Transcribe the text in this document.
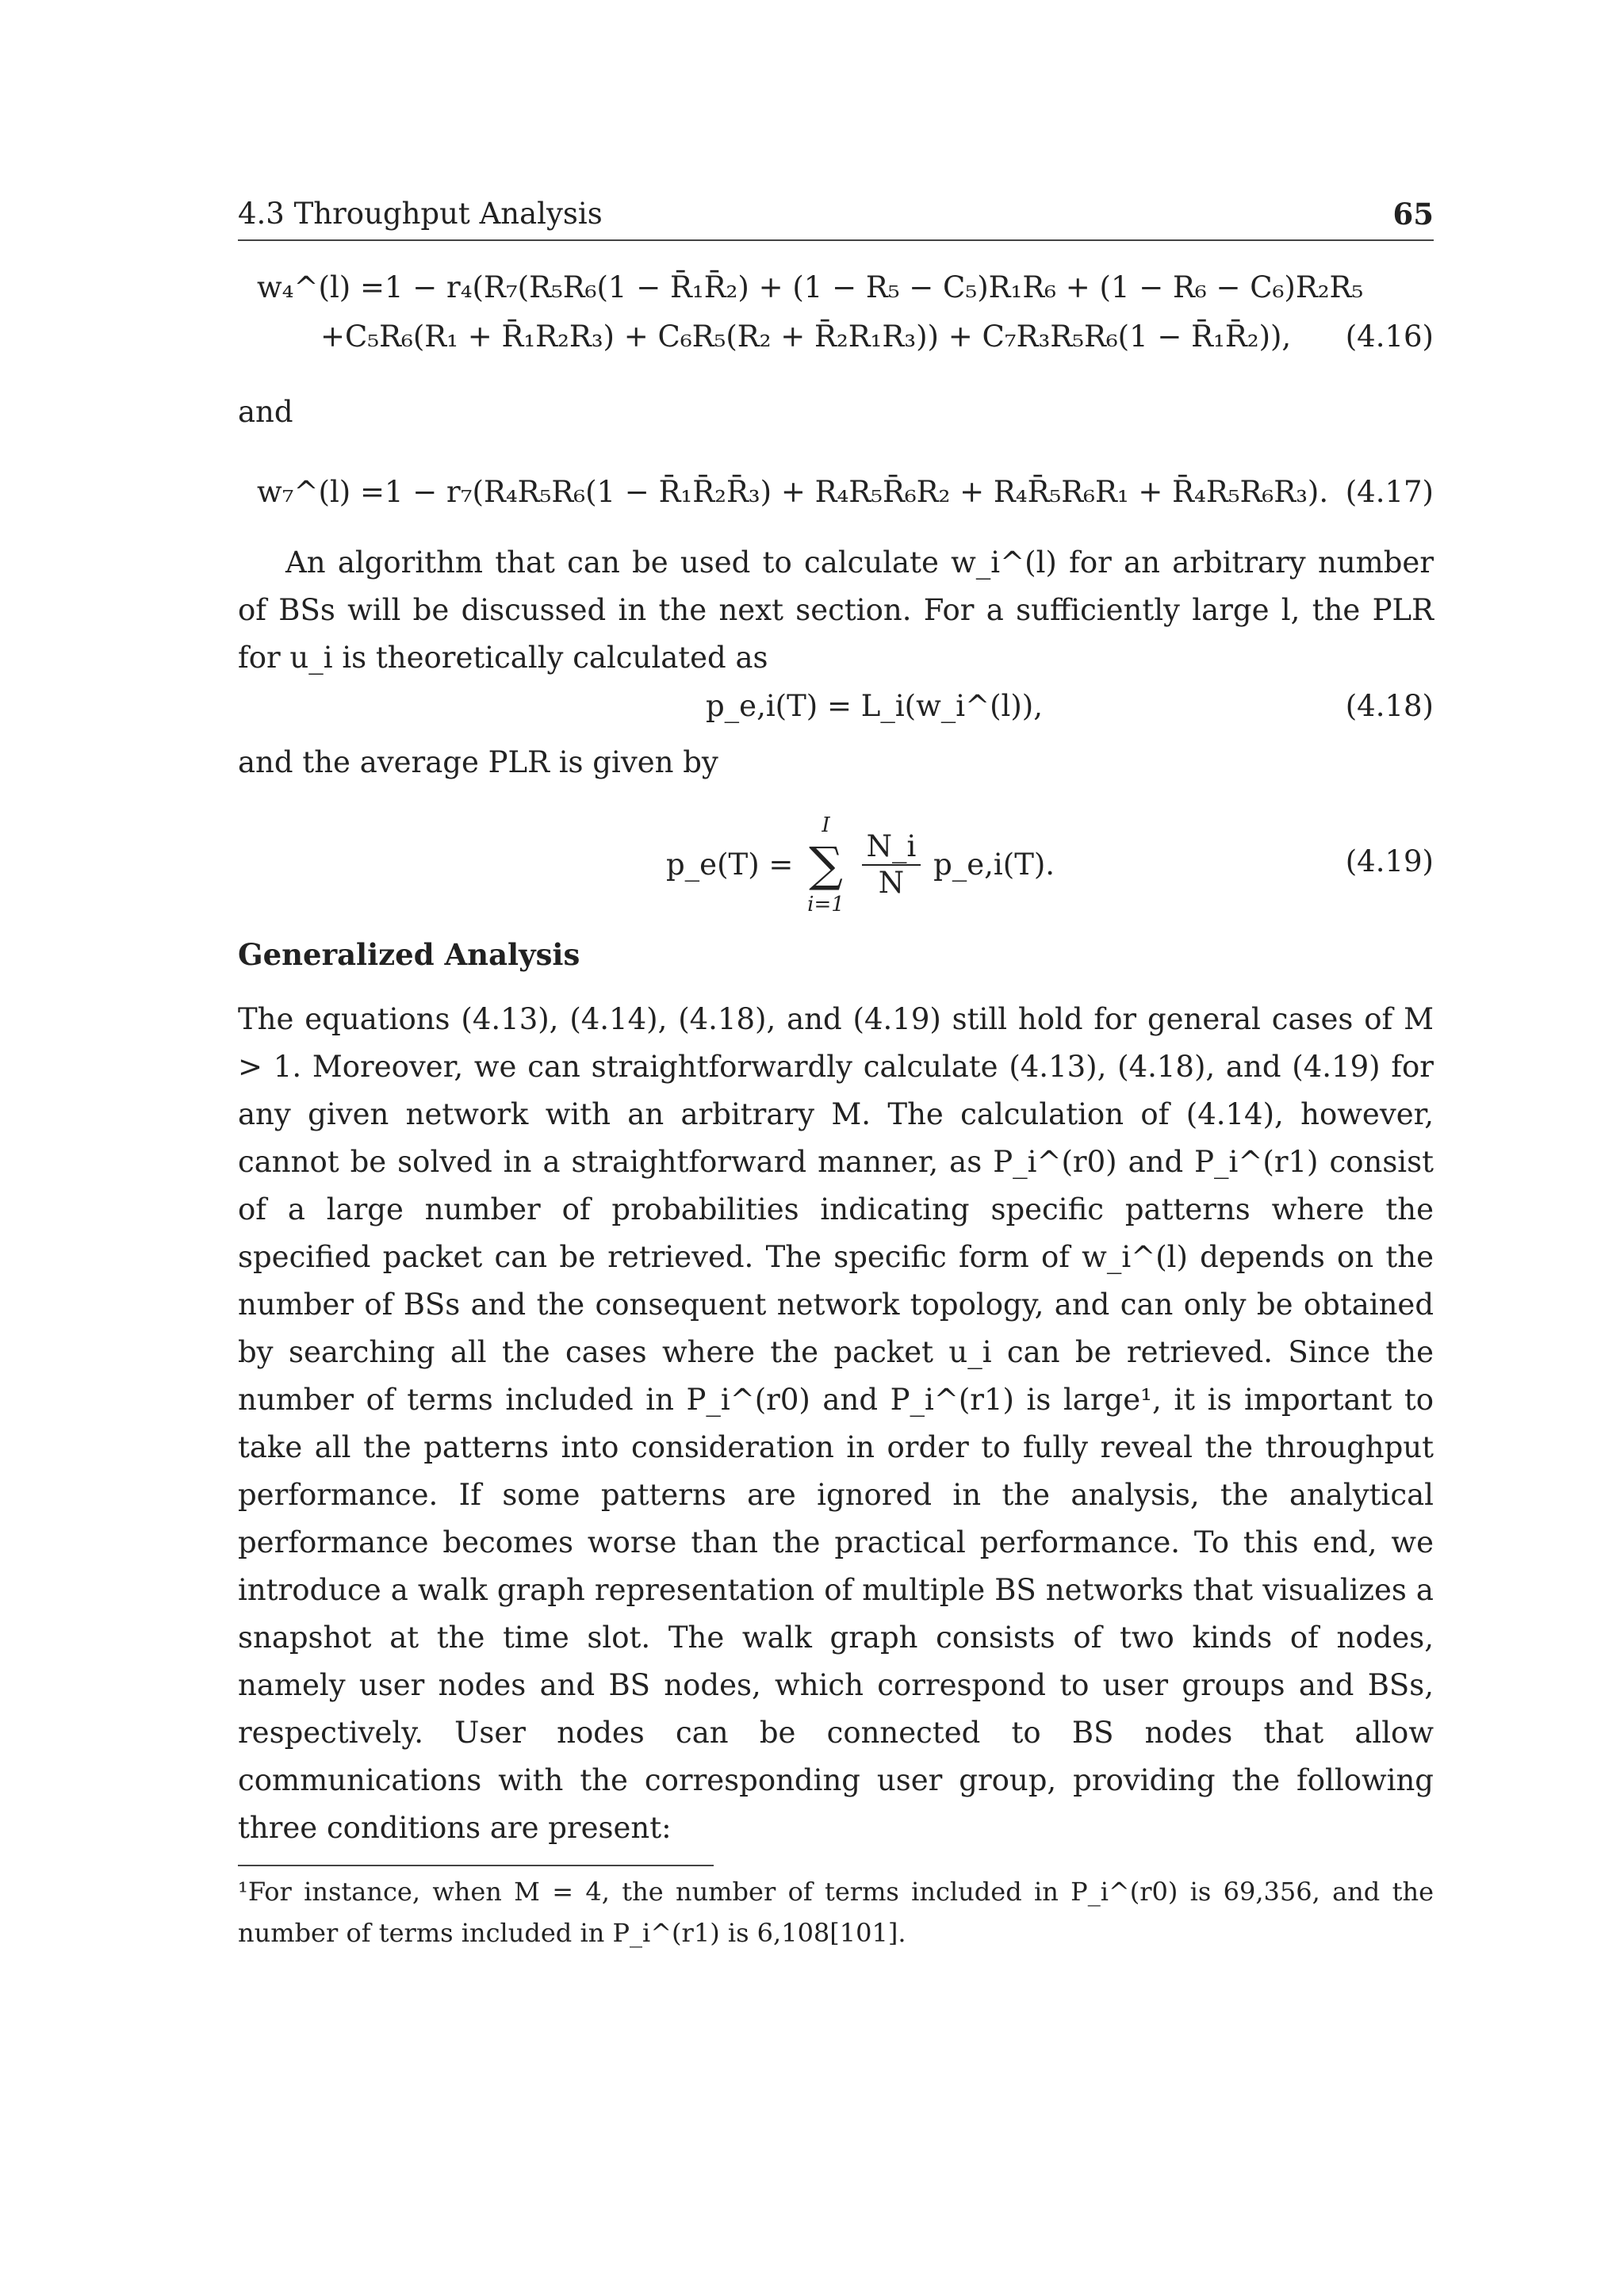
4.3 Throughput Analysis	65
w₄^(l) =1 − r₄(R₇(R₅R₆(1 − R̄₁R̄₂) + (1 − R₅ − C₅)R₁R₆ + (1 − R₆ − C₆)R₂R₅
+C₅R₆(R₁ + R̄₁R₂R₃) + C₆R₅(R₂ + R̄₂R₁R₃)) + C₇R₃R₅R₆(1 − R̄₁R̄₂)), (4.16)
and
w₇^(l) =1 − r₇(R₄R₅R₆(1 − R̄₁R̄₂R̄₃) + R₄R₅R̄₆R₂ + R₄R̄₅R₆R₁ + R̄₄R₅R₆R₃). (4.17)
An algorithm that can be used to calculate w_i^(l) for an arbitrary number of BSs will be discussed in the next section. For a sufficiently large l, the PLR for u_i is theoretically calculated as
p_e,i(T) = L_i(w_i^(l)),	(4.18)
and the average PLR is given by
p_e(T) =
I
∑
i=1

$\frac{N\_i}{N}$ p_e,i(T).	(4.19)
Generalized Analysis
The equations (4.13), (4.14), (4.18), and (4.19) still hold for general cases of M > 1. Moreover, we can straightforwardly calculate (4.13), (4.18), and (4.19) for any given network with an arbitrary M. The calculation of (4.14), however, cannot be solved in a straightforward manner, as P_i^(r0) and P_i^(r1) consist of a large number of probabilities indicating specific patterns where the specified packet can be retrieved. The specific form of w_i^(l) depends on the number of BSs and the consequent network topology, and can only be obtained by searching all the cases where the packet u_i can be retrieved. Since the number of terms included in P_i^(r0) and P_i^(r1) is large¹, it is important to take all the patterns into consideration in order to fully reveal the throughput performance. If some patterns are ignored in the analysis, the analytical performance becomes worse than the practical performance. To this end, we introduce a walk graph representation of multiple BS networks that visualizes a snapshot at the time slot. The walk graph consists of two kinds of nodes, namely user nodes and BS nodes, which correspond to user groups and BSs, respectively. User nodes can be connected to BS nodes that allow communications with the corresponding user group, providing the following three conditions are present:
¹For instance, when M = 4, the number of terms included in P_i^(r0) is 69,356, and the number of terms included in P_i^(r1) is 6,108[101].
